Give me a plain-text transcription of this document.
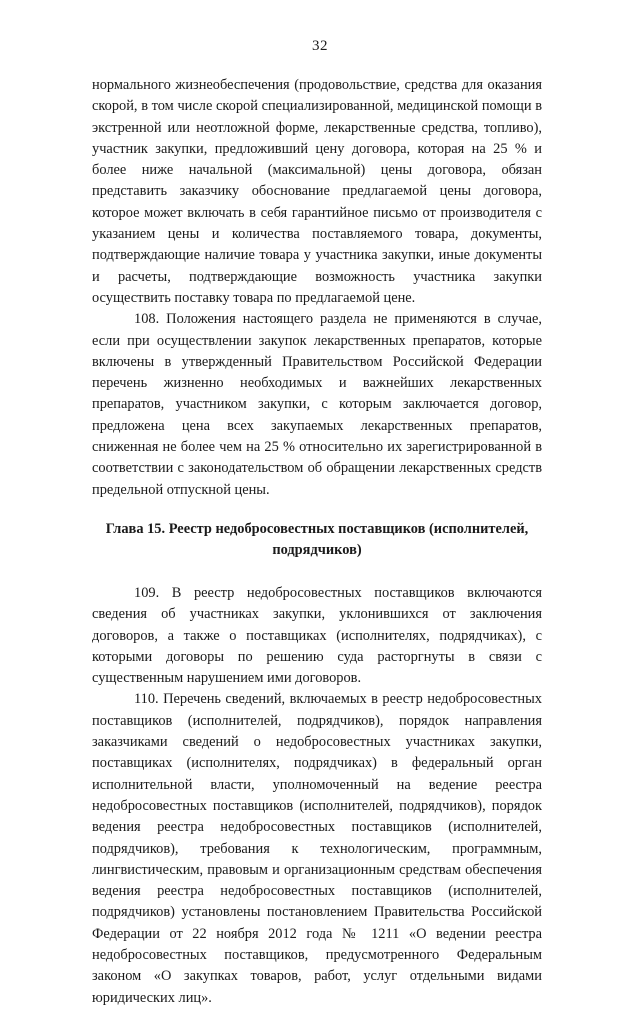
32

нормального жизнеобеспечения (продовольствие, средства для оказания скорой, в том числе скорой специализированной, медицинской помощи в экстренной или неотложной форме, лекарственные средства, топливо), участник закупки, предложивший цену договора, которая на 25 % и более ниже начальной (максимальной) цены договора, обязан представить заказчику обоснование предлагаемой цены договора, которое может включать в себя гарантийное письмо от производителя с указанием цены и количества поставляемого товара, документы, подтверждающие наличие товара у участника закупки, иные документы и расчеты, подтверждающие возможность участника закупки осуществить поставку товара по предлагаемой цене.

108. Положения настоящего раздела не применяются в случае, если при осуществлении закупок лекарственных препаратов, которые включены в утвержденный Правительством Российской Федерации перечень жизненно необходимых и важнейших лекарственных препаратов, участником закупки, с которым заключается договор, предложена цена всех закупаемых лекарственных препаратов, сниженная не более чем на 25 % относительно их зарегистрированной в соответствии с законодательством об обращении лекарственных средств предельной отпускной цены.

Глава 15. Реестр недобросовестных поставщиков (исполнителей, подрядчиков)

109. В реестр недобросовестных поставщиков включаются сведения об участниках закупки, уклонившихся от заключения договоров, а также о поставщиках (исполнителях, подрядчиках), с которыми договоры по решению суда расторгнуты в связи с существенным нарушением ими договоров.

110. Перечень сведений, включаемых в реестр недобросовестных поставщиков (исполнителей, подрядчиков), порядок направления заказчиками сведений о недобросовестных участниках закупки, поставщиках (исполнителях, подрядчиках) в федеральный орган исполнительной власти, уполномоченный на ведение реестра недобросовестных поставщиков (исполнителей, подрядчиков), порядок ведения реестра недобросовестных поставщиков (исполнителей, подрядчиков), требования к технологическим, программным, лингвистическим, правовым и организационным средствам обеспечения ведения реестра недобросовестных поставщиков (исполнителей, подрядчиков) установлены постановлением Правительства Российской Федерации от 22 ноября 2012 года № 1211 «О ведении реестра недобросовестных поставщиков, предусмотренного Федеральным законом «О закупках товаров, работ, услуг отдельными видами юридических лиц».
